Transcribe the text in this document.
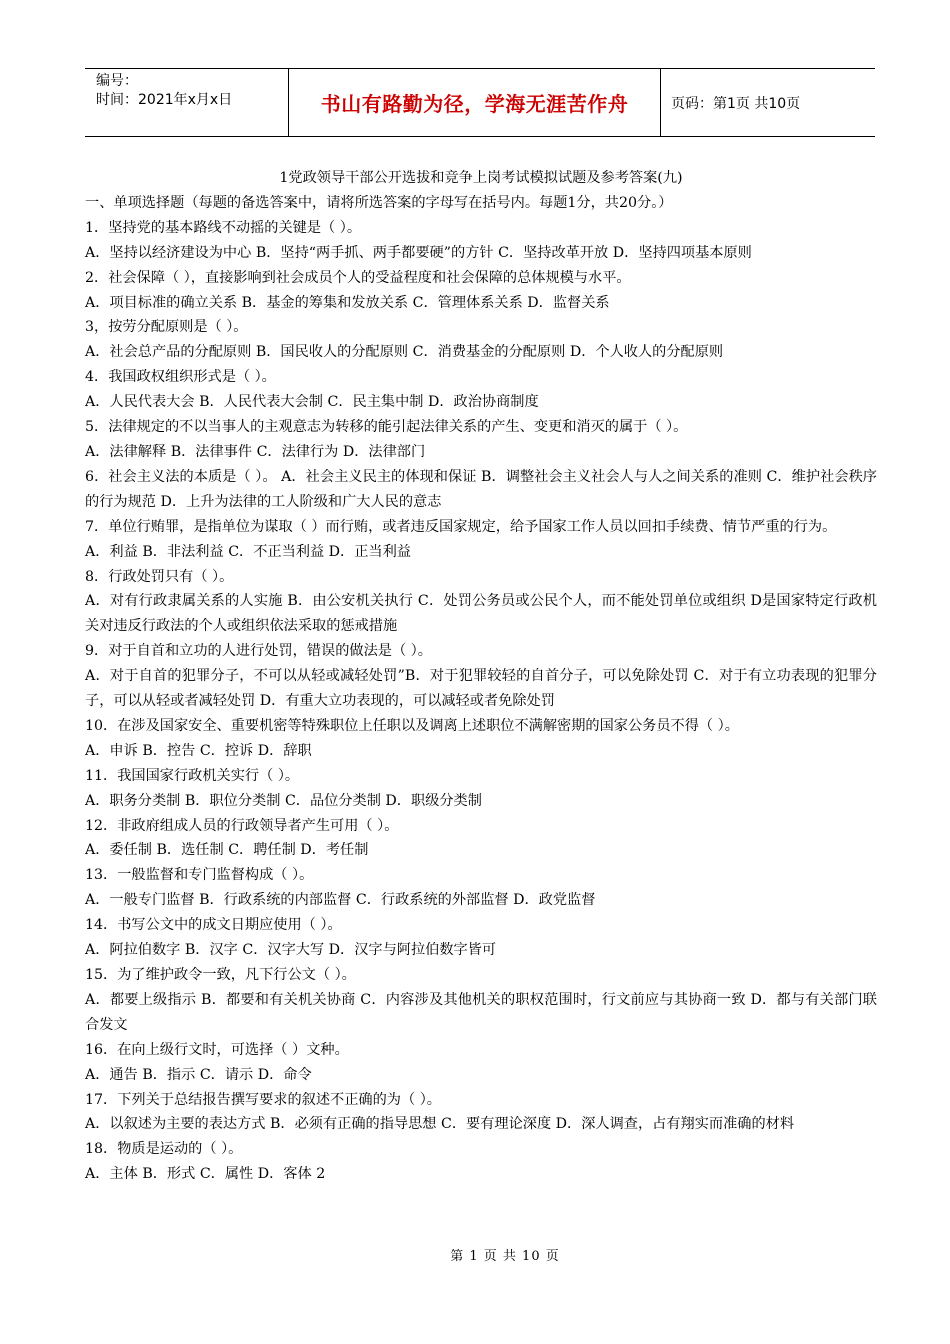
编号：
时间：2021年x月x日	书山有路勤为径，学海无涯苦作舟	页码：第1页 共10页

1党政领导干部公开选拔和竞争上岗考试模拟试题及参考答案(九)

一、单项选择题（每题的备选答案中，请将所选答案的字母写在括号内。每题1分，共20分。）

1．坚持党的基本路线不动摇的关键是（ ）。

A．坚持以经济建设为中心 B．坚持“两手抓、两手都要硬”的方针 C．坚持改革开放 D．坚持四项基本原则

2．社会保障（ ），直接影响到社会成员个人的受益程度和社会保障的总体规模与水平。

A．项目标准的确立关系 B．基金的筹集和发放关系 C．管理体系关系 D．监督关系

3，按劳分配原则是（ ）。

A．社会总产品的分配原则 B．国民收人的分配原则 C．消费基金的分配原则 D．个人收人的分配原则

4．我国政权组织形式是（ ）。

A．人民代表大会 B．人民代表大会制 C．民主集中制 D．政治协商制度

5．法律规定的不以当事人的主观意志为转移的能引起法律关系的产生、变更和消灭的属于（ ）。

A．法律解释 B．法律事件 C．法律行为 D．法律部门

6．社会主义法的本质是（ ）。 A．社会主义民主的体现和保证 B．调整社会主义社会人与人之间关系的准则 C．维护社会秩序的行为规范 D．上升为法律的工人阶级和广大人民的意志

7．单位行贿罪，是指单位为谋取（ ）而行贿，或者违反国家规定，给予国家工作人员以回扣手续费、情节严重的行为。

A．利益 B．非法利益 C．不正当利益 D．正当利益

8．行政处罚只有（ ）。

A．对有行政隶属关系的人实施 B．由公安机关执行 C．处罚公务员或公民个人，而不能处罚单位或组织 D是国家特定行政机关对违反行政法的个人或组织依法采取的惩戒措施

9．对于自首和立功的人进行处罚，错误的做法是（ ）。

A．对于自首的犯罪分子，不可以从轻或减轻处罚”B．对于犯罪较轻的自首分子，可以免除处罚 C．对于有立功表现的犯罪分子，可以从轻或者减轻处罚 D．有重大立功表现的，可以减轻或者免除处罚

10．在涉及国家安全、重要机密等特殊职位上任职以及调离上述职位不满解密期的国家公务员不得（ ）。

A．申诉 B．控告 C．控诉 D．辞职

11．我国国家行政机关实行（ ）。

A．职务分类制 B．职位分类制 C．品位分类制 D．职级分类制

12．非政府组成人员的行政领导者产生可用（ ）。

A．委任制 B．选任制 C．聘任制 D．考任制

13．一般监督和专门监督构成（ ）。

A．一般专门监督 B．行政系统的内部监督 C．行政系统的外部监督 D．政党监督

14．书写公文中的成文日期应使用（ ）。

A．阿拉伯数字 B．汉字 C．汉字大写 D．汉字与阿拉伯数字皆可

15．为了维护政令一致，凡下行公文（ ）。

A．都要上级指示 B．都要和有关机关协商 C．内容涉及其他机关的职权范围时，行文前应与其协商一致 D．都与有关部门联合发文

16．在向上级行文时，可选择（ ）文种。

A．通告 B．指示 C．请示 D．命令

17．下列关于总结报告撰写要求的叙述不正确的为（ ）。

A．以叙述为主要的表达方式 B．必须有正确的指导思想 C．要有理论深度 D．深人调查，占有翔实而准确的材料

18．物质是运动的（ ）。

A．主体 B．形式 C．属性 D．客体 2

第 1 页 共 10 页
